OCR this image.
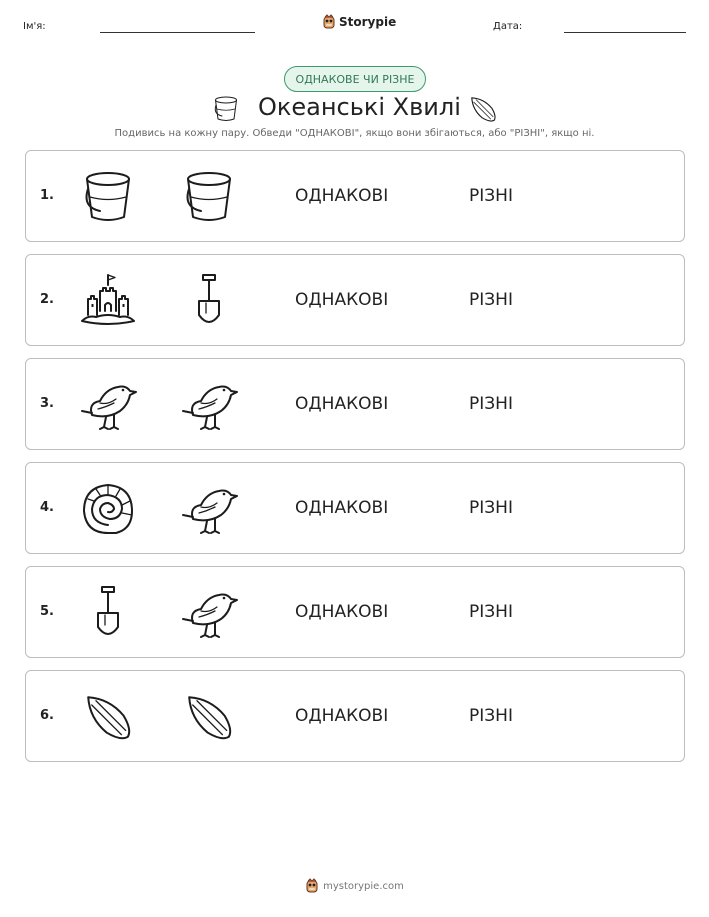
Ім'я:	Storypie	Дата:
ОДНАКОВЕ ЧИ РІЗНЕ
Океанські Хвилі
Подивись на кожну пару. Обведи "ОДНАКОВІ", якщо вони збігаються, або "РІЗНІ", якщо ні.
1.	ОДНАКОВІ	РІЗНІ
2.	ОДНАКОВІ	РІЗНІ
3.	ОДНАКОВІ	РІЗНІ
4.	ОДНАКОВІ	РІЗНІ
5.	ОДНАКОВІ	РІЗНІ
6.	ОДНАКОВІ	РІЗНІ
mystorypie.com
